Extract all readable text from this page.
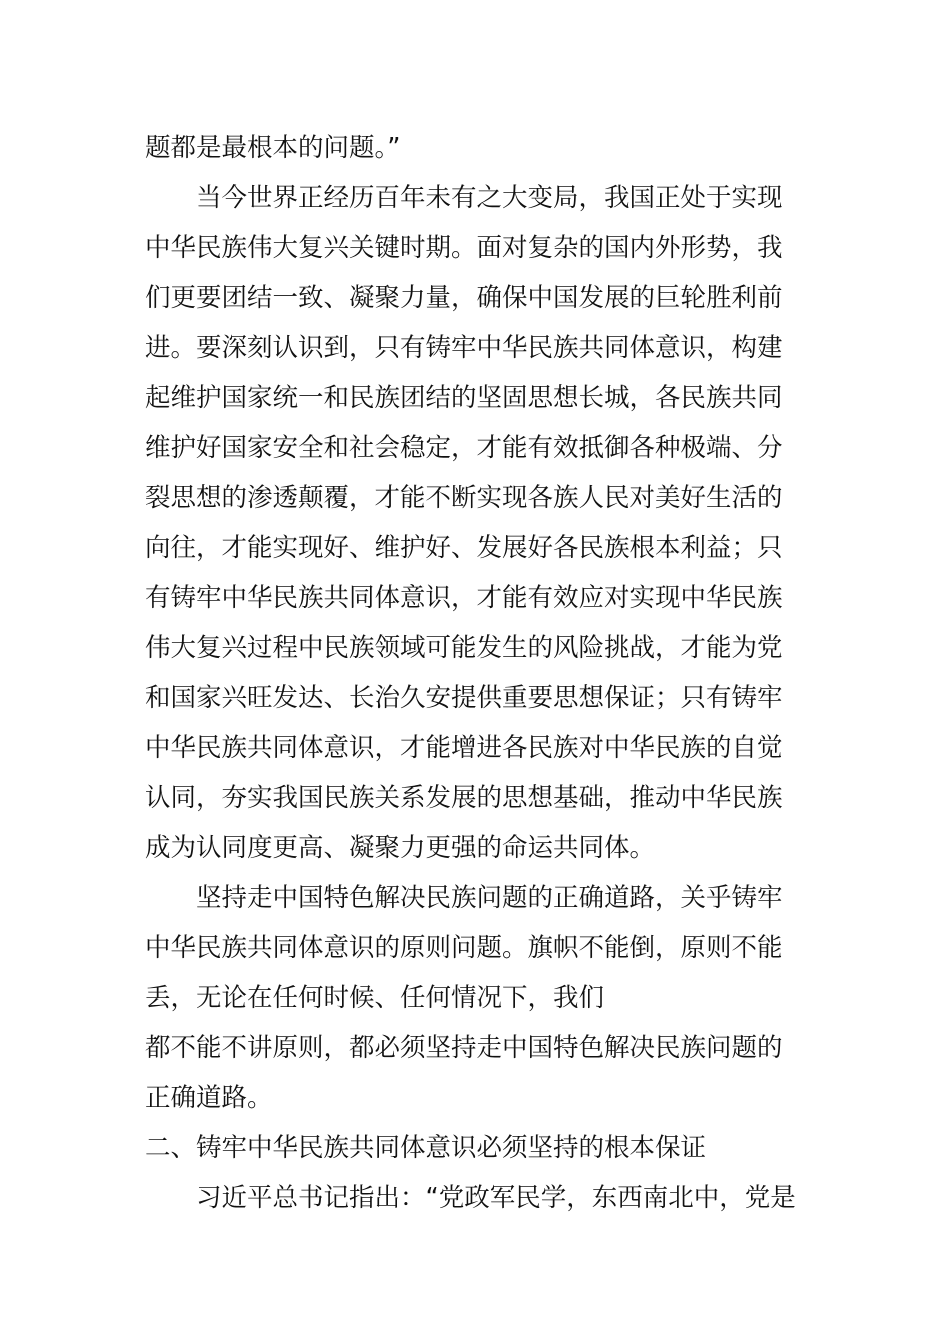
题都是最根本的问题。”
当今世界正经历百年未有之大变局，我国正处于实现
中华民族伟大复兴关键时期。面对复杂的国内外形势，我
们更要团结一致、凝聚力量，确保中国发展的巨轮胜利前
进。要深刻认识到，只有铸牢中华民族共同体意识，构建
起维护国家统一和民族团结的坚固思想长城，各民族共同
维护好国家安全和社会稳定，才能有效抵御各种极端、分
裂思想的渗透颠覆，才能不断实现各族人民对美好生活的
向往，才能实现好、维护好、发展好各民族根本利益；只
有铸牢中华民族共同体意识，才能有效应对实现中华民族
伟大复兴过程中民族领域可能发生的风险挑战，才能为党
和国家兴旺发达、长治久安提供重要思想保证；只有铸牢
中华民族共同体意识，才能增进各民族对中华民族的自觉
认同，夯实我国民族关系发展的思想基础，推动中华民族
成为认同度更高、凝聚力更强的命运共同体。
坚持走中国特色解决民族问题的正确道路，关乎铸牢
中华民族共同体意识的原则问题。旗帜不能倒，原则不能
丢，无论在任何时候、任何情况下，我们
都不能不讲原则，都必须坚持走中国特色解决民族问题的
正确道路。
二、铸牢中华民族共同体意识必须坚持的根本保证
习近平总书记指出：“党政军民学，东西南北中，党是
